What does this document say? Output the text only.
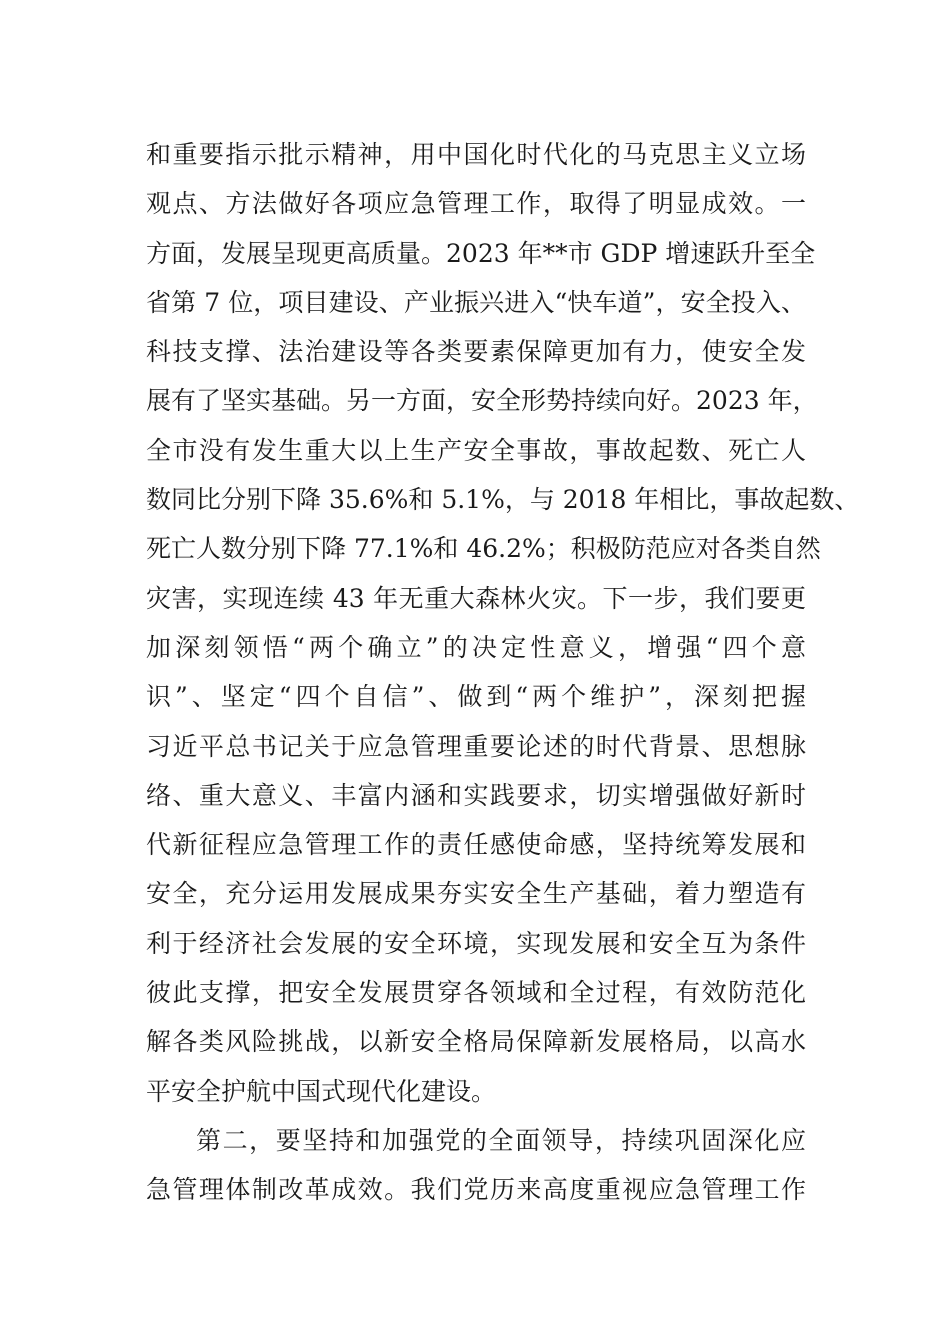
和重要指示批示精神，用中国化时代化的马克思主义立场
观点、方法做好各项应急管理工作，取得了明显成效。一
方面，发展呈现更高质量。2023 年**市 GDP 增速跃升至全
省第 7 位，项目建设、产业振兴进入“快车道”，安全投入、
科技支撑、法治建设等各类要素保障更加有力，使安全发
展有了坚实基础。另一方面，安全形势持续向好。2023 年，
全市没有发生重大以上生产安全事故，事故起数、死亡人
数同比分别下降 35.6%和 5.1%，与 2018 年相比，事故起数、
死亡人数分别下降 77.1%和 46.2%；积极防范应对各类自然
灾害，实现连续 43 年无重大森林火灾。下一步，我们要更
加深刻领悟“两个确立”的决定性意义，增强“四个意
识”、坚定“四个自信”、做到“两个维护”，深刻把握
习近平总书记关于应急管理重要论述的时代背景、思想脉
络、重大意义、丰富内涵和实践要求，切实增强做好新时
代新征程应急管理工作的责任感使命感，坚持统筹发展和
安全，充分运用发展成果夯实安全生产基础，着力塑造有
利于经济社会发展的安全环境，实现发展和安全互为条件
彼此支撑，把安全发展贯穿各领域和全过程，有效防范化
解各类风险挑战，以新安全格局保障新发展格局，以高水
平安全护航中国式现代化建设。
第二，要坚持和加强党的全面领导，持续巩固深化应
急管理体制改革成效。我们党历来高度重视应急管理工作
